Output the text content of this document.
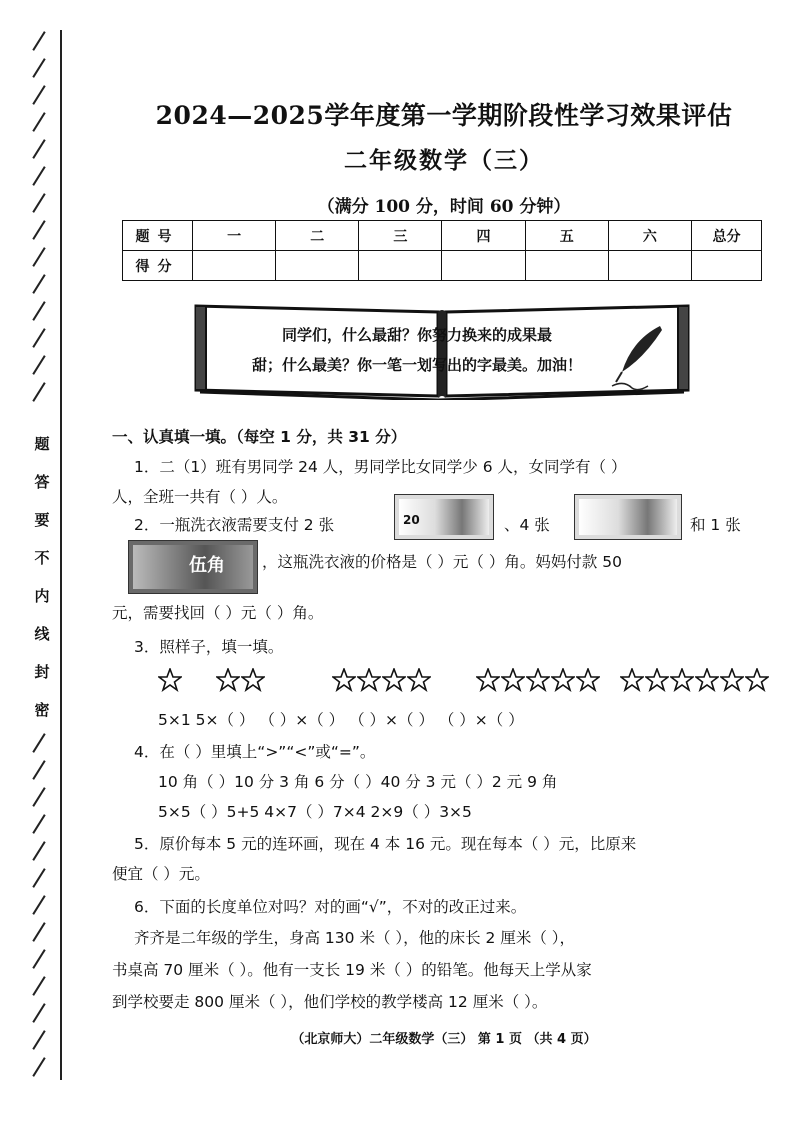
题
答
要
不
内
线
封
密
2024—2025学年度第一学期阶段性学习效果评估
二年级数学（三）
（满分 100 分，时间 60 分钟）
题号	一	二	三	四	五	六	总分
得分							
同学们，什么最甜？你努力换来的成果最
甜；什么最美？你一笔一划写出的字最美。加油！
一、认真填一填。（每空 1 分，共 31 分）
1．二（1）班有男同学 24 人，男同学比女同学少 6 人，女同学有（ ）
人，全班一共有（ ）人。
2．一瓶洗衣液需要支付 2 张	20	、4 张	和 1 张
伍角 ，这瓶洗衣液的价格是（ ）元（ ）角。妈妈付款 50
元，需要找回（ ）元（ ）角。
3．照样子，填一填。
5×1 5×（ ） （ ）×（ ） （ ）×（ ） （ ）×（ ）
4．在（ ）里填上“>”“<”或“=”。
10 角（ ）10 分 3 角 6 分（ ）40 分 3 元（ ）2 元 9 角
5×5（ ）5+5 4×7（ ）7×4 2×9（ ）3×5
5．原价每本 5 元的连环画，现在 4 本 16 元。现在每本（ ）元，比原来
便宜（ ）元。
6．下面的长度单位对吗？对的画“√”，不对的改正过来。
齐齐是二年级的学生，身高 130 米（ ），他的床长 2 厘米（ ），
书桌高 70 厘米（ ）。他有一支长 19 米（ ）的铅笔。他每天上学从家
到学校要走 800 厘米（ ），他们学校的教学楼高 12 厘米（ ）。
（北京师大）二年级数学（三） 第 1 页 （共 4 页）
